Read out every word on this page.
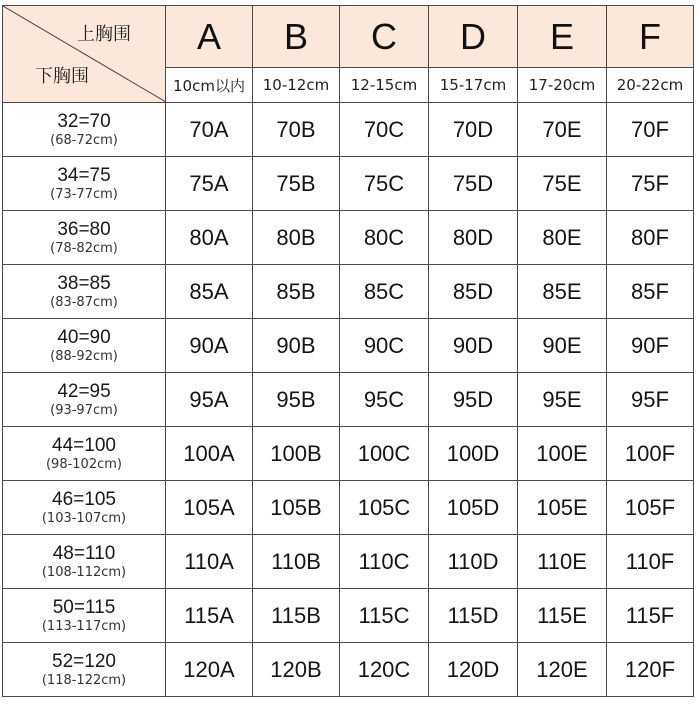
上胸围
下胸围	A	B	C	D	E	F
	10cm以内	10-12cm	12-15cm	15-17cm	17-20cm	20-22cm

32=70
(68-72cm)	70A	70B	70C	70D	70E	70F

34=75
(73-77cm)	75A	75B	75C	75D	75E	75F

36=80
(78-82cm)	80A	80B	80C	80D	80E	80F

38=85
(83-87cm)	85A	85B	85C	85D	85E	85F

40=90
(88-92cm)	90A	90B	90C	90D	90E	90F

42=95
(93-97cm)	95A	95B	95C	95D	95E	95F

44=100
(98-102cm)	100A	100B	100C	100D	100E	100F

46=105
(103-107cm)	105A	105B	105C	105D	105E	105F

48=110
(108-112cm)	110A	110B	110C	110D	110E	110F

50=115
(113-117cm)	115A	115B	115C	115D	115E	115F

52=120
(118-122cm)	120A	120B	120C	120D	120E	120F
